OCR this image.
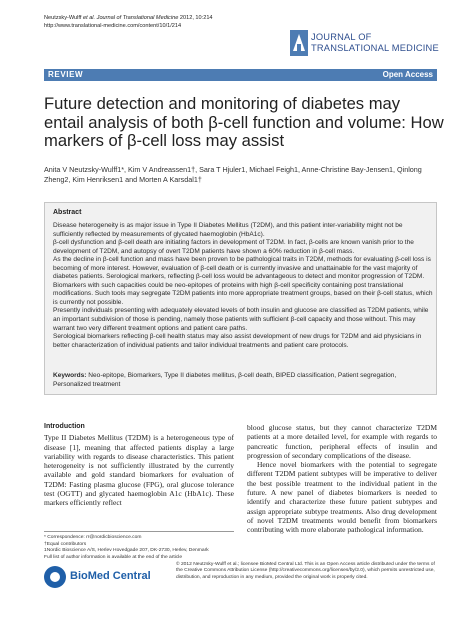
Neutzsky-Wulff et al. Journal of Translational Medicine 2012, 10:214
http://www.translational-medicine.com/content/10/1/214
JOURNAL OF
TRANSLATIONAL MEDICINE
REVIEW	Open Access
Future detection and monitoring of diabetes may entail analysis of both β-cell function and volume: How markers of β-cell loss may assist
Anita V Neutzsky-Wulff1*, Kim V Andreassen1†, Sara T Hjuler1, Michael Feigh1, Anne-Christine Bay-Jensen1, Qinlong Zheng2, Kim Henriksen1 and Morten A Karsdal1†
Abstract

Disease heterogeneity is as major issue in Type II Diabetes Mellitus (T2DM), and this patient inter-variability might not be sufficiently reflected by measurements of glycated haemoglobin (HbA1c).

β-cell dysfunction and β-cell death are initiating factors in development of T2DM. In fact, β-cells are known vanish prior to the development of T2DM, and autopsy of overt T2DM patients have shown a 60% reduction in β-cell mass.

As the decline in β-cell function and mass have been proven to be pathological traits in T2DM, methods for evaluating β-cell loss is becoming of more interest. However, evaluation of β-cell death or is currently invasive and unattainable for the vast majority of diabetes patients. Serological markers, reflecting β-cell loss would be advantageous to detect and monitor progression of T2DM. Biomarkers with such capacities could be neo-epitopes of proteins with high β-cell specificity containing post translational modifications. Such tools may segregate T2DM patients into more appropriate treatment groups, based on their β-cell status, which is currently not possible.

Presently individuals presenting with adequately elevated levels of both insulin and glucose are classified as T2DM patients, while an important subdivision of those is pending, namely those patients with sufficient β-cell capacity and those without. This may warrant two very different treatment options and patient care paths.

Serological biomarkers reflecting β-cell health status may also assist development of new drugs for T2DM and aid physicians in better characterization of individual patients and tailor individual treatments and patient care protocols.

Keywords: Neo-epitope, Biomarkers, Type II diabetes mellitus, β-cell death, BIPED classification, Patient segregation, Personalized treatment
Introduction

Type II Diabetes Mellitus (T2DM) is a heterogeneous type of disease [1], meaning that affected patients display a large variability with regards to disease characteristics. This patient heterogeneity is not sufficiently illustrated by the currently available and gold standard biomarkers for evaluation of T2DM: Fasting plasma glucose (FPG), oral glucose tolerance test (OGTT) and glycated haemoglobin A1c (HbA1c). These markers efficiently reflect

blood glucose status, but they cannot characterize T2DM patients at a more detailed level, for example with regards to pancreatic function, peripheral effects of insulin and progression of secondary complications of the disease.

Hence novel biomarkers with the potential to segregate different T2DM patient subtypes will be imperative to deliver the best possible treatment to the individual patient in the future. A new panel of diabetes biomarkers is needed to identify and characterize these future patient subtypes and assign appropriate subtype treatments. Also drug development of novel T2DM treatments would benefit from biomarkers contributing with more elaborate pathological information.

* Correspondence: rr@nordicbioscience.com
†Equal contributors
1Nordic Bioscience A/S, Herlev Hovedgade 207, DK-2730, Herlev, Denmark
Full list of author information is available at the end of the article
BioMed Central
© 2012 Neutzsky-Wulff et al.; licensee BioMed Central Ltd. This is an Open Access article distributed under the terms of the Creative Commons Attribution License (http://creativecommons.org/licenses/by/2.0), which permits unrestricted use, distribution, and reproduction in any medium, provided the original work is properly cited.
